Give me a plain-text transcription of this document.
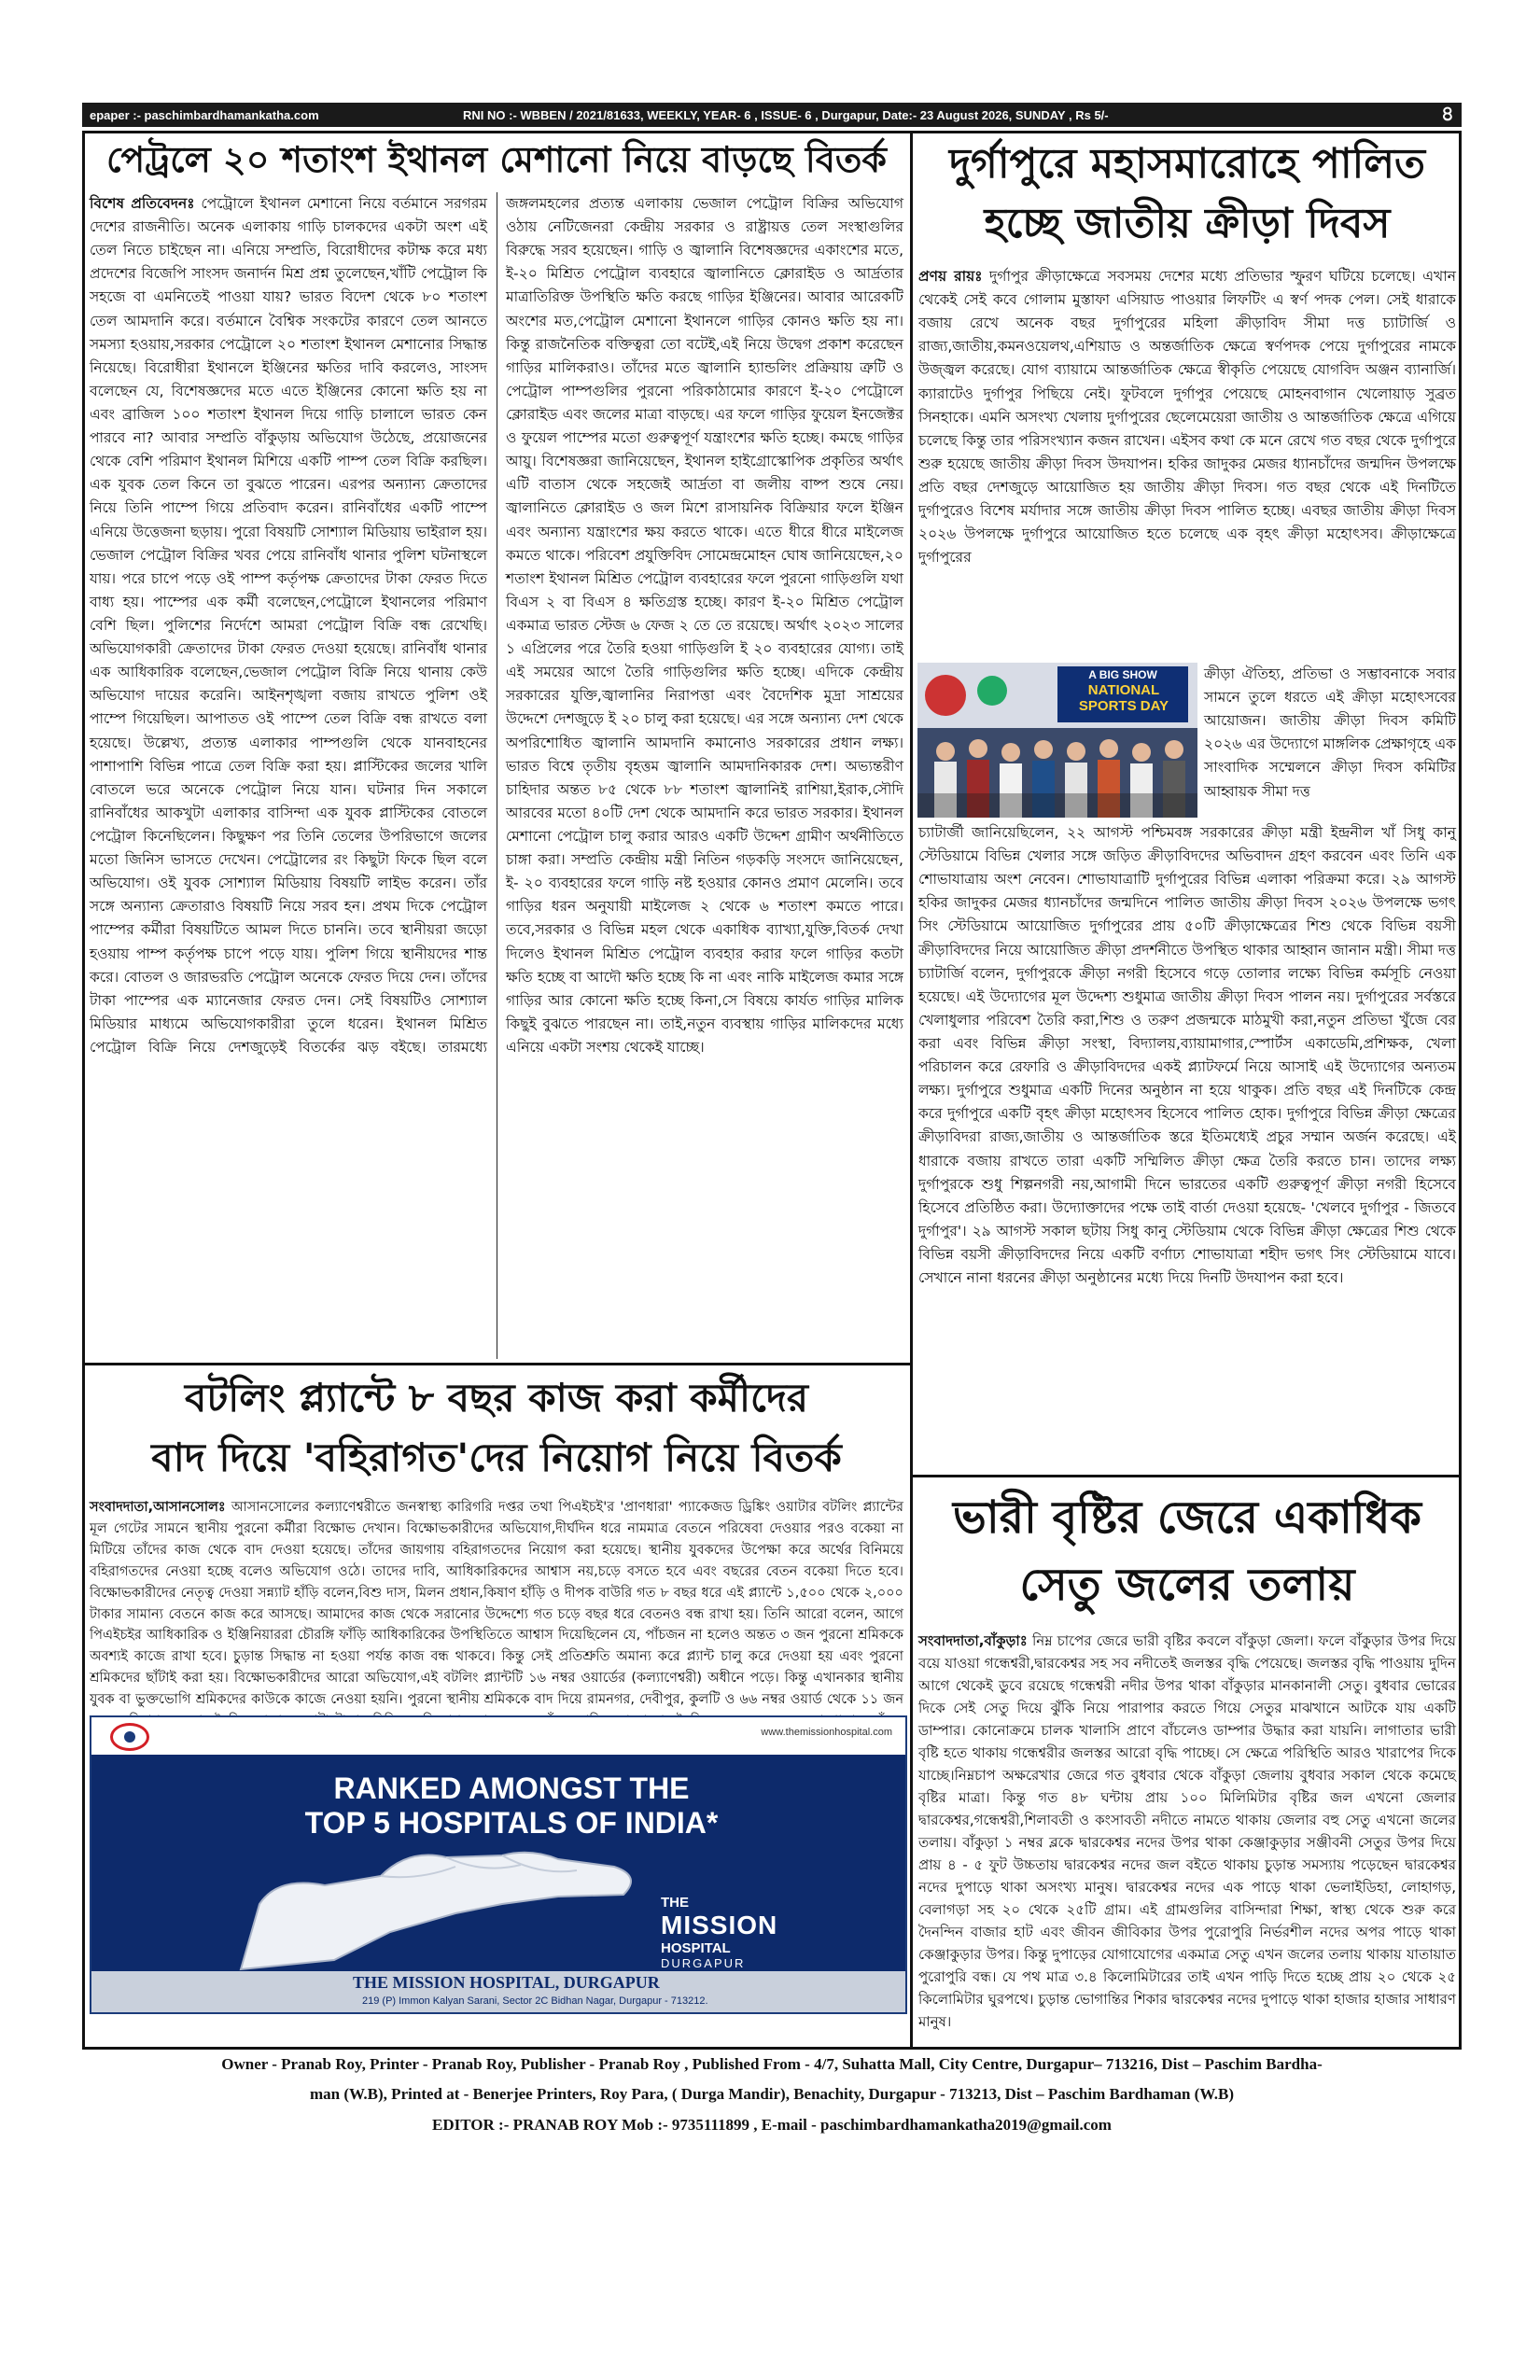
epaper :- paschimbardhamankatha.com	RNI NO :- WBBEN / 2021/81633, WEEKLY, YEAR- 6 , ISSUE- 6 , Durgapur, Date:- 23 August 2026, SUNDAY , Rs 5/-	৪
পেট্রলে ২০ শতাংশ ইথানল মেশানো নিয়ে বাড়ছে বিতর্ক
বিশেষ প্রতিবেদনঃ পেট্রোলে ইথানল মেশানো নিয়ে বর্তমানে সরগরম দেশের রাজনীতি। অনেক এলাকায় গাড়ি চালকদের একটা অংশ এই তেল নিতে চাইছেন না। এনিয়ে সম্প্রতি, বিরোধীদের কটাক্ষ করে মধ্য প্রদেশের বিজেপি সাংসদ জনার্দন মিশ্র প্রশ্ন তুলেছেন,খাঁটি পেট্রোল কি সহজে বা এমনিতেই পাওয়া যায়? ভারত বিদেশ থেকে ৮০ শতাংশ তেল আমদানি করে। বর্তমানে বৈশ্বিক সংকটের কারণে তেল আনতে সমস্যা হওয়ায়,সরকার পেট্রোলে ২০ শতাংশ ইথানল মেশানোর সিদ্ধান্ত নিয়েছে। বিরোধীরা ইথানলে ইঞ্জিনের ক্ষতির দাবি করলেও, সাংসদ বলেছেন যে, বিশেষজ্ঞদের মতে এতে ইঞ্জিনের কোনো ক্ষতি হয় না এবং ব্রাজিল ১০০ শতাংশ ইথানল দিয়ে গাড়ি চালালে ভারত কেন পারবে না? আবার সম্প্রতি বাঁকুড়ায় অভিযোগ উঠেছে, প্রয়োজনের থেকে বেশি পরিমাণ ইথানল মিশিয়ে একটি পাম্প তেল বিক্রি করছিল। এক যুবক তেল কিনে তা বুঝতে পারেন। এরপর অন্যান্য ক্রেতাদের নিয়ে তিনি পাম্পে গিয়ে প্রতিবাদ করেন। রানিবাঁধের একটি পাম্পে এনিয়ে উত্তেজনা ছড়ায়। পুরো বিষয়টি সোশ্যাল মিডিয়ায় ভাইরাল হয়। ভেজাল পেট্রোল বিক্রির খবর পেয়ে রানিবাঁধ থানার পুলিশ ঘটনাস্থলে যায়। পরে চাপে পড়ে ওই পাম্প কর্তৃপক্ষ ক্রেতাদের টাকা ফেরত দিতে বাধ্য হয়। পাম্পের এক কর্মী বলেছেন,পেট্রোলে ইথানলের পরিমাণ বেশি ছিল। পুলিশের নির্দেশে আমরা পেট্রোল বিক্রি বন্ধ রেখেছি। অভিযোগকারী ক্রেতাদের টাকা ফেরত দেওয়া হয়েছে। রানিবাঁধ থানার এক আধিকারিক বলেছেন,ভেজাল পেট্রোল বিক্রি নিয়ে থানায় কেউ অভিযোগ দায়ের করেনি। আইনশৃঙ্খলা বজায় রাখতে পুলিশ ওই পাম্পে গিয়েছিল। আপাতত ওই পাম্পে তেল বিক্রি বন্ধ রাখতে বলা হয়েছে। উল্লেখ্য, প্রত্যন্ত এলাকার পাম্পগুলি থেকে যানবাহনের পাশাপাশি বিভিন্ন পাত্রে তেল বিক্রি করা হয়। প্লাস্টিকের জলের খালি বোতলে ভরে অনেকে পেট্রোল নিয়ে যান। ঘটনার দিন সকালে রানিবাঁধের আকখুটা এলাকার বাসিন্দা এক যুবক প্লাস্টিকের বোতলে পেট্রোল কিনেছিলেন। কিছুক্ষণ পর তিনি তেলের উপরিভাগে জলের মতো জিনিস ভাসতে দেখেন। পেট্রোলের রং কিছুটা ফিকে ছিল বলে অভিযোগ। ওই যুবক সোশ্যাল মিডিয়ায় বিষয়টি লাইভ করেন। তাঁর সঙ্গে অন্যান্য ক্রেতারাও বিষয়টি নিয়ে সরব হন। প্রথম দিকে পেট্রোল পাম্পের কর্মীরা বিষয়টিতে আমল দিতে চাননি। তবে স্থানীয়রা জড়ো হওয়ায় পাম্প কর্তৃপক্ষ চাপে পড়ে যায়। পুলিশ গিয়ে স্থানীয়দের শান্ত করে। বোতল ও জারভরতি পেট্রোল অনেকে ফেরত দিয়ে দেন। তাঁদের টাকা পাম্পের এক ম্যানেজার ফেরত দেন। সেই বিষয়টিও সোশ্যাল মিডিয়ার মাধ্যমে অভিযোগকারীরা তুলে ধরেন। ইথানল মিশ্রিত পেট্রোল বিক্রি নিয়ে দেশজুড়েই বিতর্কের ঝড় বইছে। তারমধ্যে জঙ্গলমহলের প্রত্যন্ত এলাকায় ভেজাল পেট্রোল বিক্রির অভিযোগ ওঠায় নেটিজেনরা কেন্দ্রীয় সরকার ও রাষ্ট্রায়ত্ত তেল সংস্থাগুলির বিরুদ্ধে সরব হয়েছেন। গাড়ি ও জ্বালানি বিশেষজ্ঞদের একাংশের মতে, ই-২০ মিশ্রিত পেট্রোল ব্যবহারে জ্বালানিতে ক্লোরাইড ও আর্দ্রতার মাত্রাতিরিক্ত উপস্থিতি ক্ষতি করছে গাড়ির ইঞ্জিনের। আবার আরেকটি অংশের মত,পেট্রোল মেশানো ইথানলে গাড়ির কোনও ক্ষতি হয় না। কিন্তু রাজনৈতিক বক্তিত্বরা তো বটেই,এই নিয়ে উদ্বেগ প্রকাশ করেছেন গাড়ির মালিকরাও। তাঁদের মতে জ্বালানি হ্যান্ডলিং প্রক্রিয়ায় ত্রুটি ও পেট্রোল পাম্পগুলির পুরনো পরিকাঠামোর কারণে ই-২০ পেট্রোলে ক্লোরাইড এবং জলের মাত্রা বাড়ছে। এর ফলে গাড়ির ফুয়েল ইনজেক্টর ও ফুয়েল পাম্পের মতো গুরুত্বপূর্ণ যন্ত্রাংশের ক্ষতি হচ্ছে। কমছে গাড়ির আয়ু। বিশেষজ্ঞরা জানিয়েছেন, ইথানল হাইগ্রোস্কোপিক প্রকৃতির অর্থাৎ এটি বাতাস থেকে সহজেই আর্দ্রতা বা জলীয় বাষ্প শুষে নেয়। জ্বালানিতে ক্লোরাইড ও জল মিশে রাসায়নিক বিক্রিয়ার ফলে ইঞ্জিন এবং অন্যান্য যন্ত্রাংশের ক্ষয় করতে থাকে। এতে ধীরে ধীরে মাইলেজ কমতে থাকে। পরিবেশ প্রযুক্তিবিদ সোমেন্দ্রমোহন ঘোষ জানিয়েছেন,২০ শতাংশ ইথানল মিশ্রিত পেট্রোল ব্যবহারের ফলে পুরনো গাড়িগুলি যথা বিএস ২ বা বিএস ৪ ক্ষতিগ্রস্ত হচ্ছে। কারণ ই-২০ মিশ্রিত পেট্রোল একমাত্র ভারত স্টেজ ৬ ফেজ ২ তে তে রয়েছে। অর্থাৎ ২০২৩ সালের ১ এপ্রিলের পরে তৈরি হওয়া গাড়িগুলি ই ২০ ব্যবহারের যোগ্য। তাই এই সময়ের আগে তৈরি গাড়িগুলির ক্ষতি হচ্ছে। এদিকে কেন্দ্রীয় সরকারের যুক্তি,জ্বালানির নিরাপত্তা এবং বৈদেশিক মুদ্রা সাশ্রয়ের উদ্দেশে দেশজুড়ে ই ২০ চালু করা হয়েছে। এর সঙ্গে অন্যান্য দেশ থেকে অপরিশোধিত জ্বালানি আমদানি কমানোও সরকারের প্রধান লক্ষ্য। ভারত বিশ্বে তৃতীয় বৃহত্তম জ্বালানি আমদানিকারক দেশ। অভ্যন্তরীণ চাহিদার অন্তত ৮৫ থেকে ৮৮ শতাংশ জ্বালানিই রাশিয়া,ইরাক,সৌদি আরবের মতো ৪০টি দেশ থেকে আমদানি করে ভারত সরকার। ইথানল মেশানো পেট্রোল চালু করার আরও একটি উদ্দেশ গ্রামীণ অর্থনীতিতে চাঙ্গা করা। সম্প্রতি কেন্দ্রীয় মন্ত্রী নিতিন গড়কড়ি সংসদে জানিয়েছেন, ই- ২০ ব্যবহারের ফলে গাড়ি নষ্ট হওয়ার কোনও প্রমাণ মেলেনি। তবে গাড়ির ধরন অনুযায়ী মাইলেজ ২ থেকে ৬ শতাংশ কমতে পারে। তবে,সরকার ও বিভিন্ন মহল থেকে একাধিক ব্যাখ্যা,যুক্তি,বিতর্ক দেখা দিলেও ইথানল মিশ্রিত পেট্রোল ব্যবহার করার ফলে গাড়ির কতটা ক্ষতি হচ্ছে বা আদৌ ক্ষতি হচ্ছে কি না এবং নাকি মাইলেজ কমার সঙ্গে গাড়ির আর কোনো ক্ষতি হচ্ছে কিনা,সে বিষয়ে কার্যত গাড়ির মালিক কিছুই বুঝতে পারছেন না। তাই,নতুন ব্যবস্থায় গাড়ির মালিকদের মধ্যে এনিয়ে একটা সংশয় থেকেই যাচ্ছে।
দুর্গাপুরে মহাসমারোহে পালিত
হচ্ছে জাতীয় ক্রীড়া দিবস
প্রণয় রায়ঃ দুর্গাপুর ক্রীড়াক্ষেত্রে সবসময় দেশের মধ্যে প্রতিভার স্ফুরণ ঘটিয়ে চলেছে। এখান থেকেই সেই কবে গোলাম মুস্তাফা এসিয়াড পাওয়ার লিফটিং এ স্বর্ণ পদক পেল। সেই ধারাকে বজায় রেখে অনেক বছর দুর্গাপুরের মহিলা ক্রীড়াবিদ সীমা দত্ত চ্যাটার্জি ও রাজ্য,জাতীয়,কমনওয়েলথ,এশিয়াড ও অন্তর্জাতিক ক্ষেত্রে স্বর্ণপদক পেয়ে দুর্গাপুরের নামকে উজ্জ্বল করেছে। যোগ ব্যায়ামে আন্তর্জাতিক ক্ষেত্রে স্বীকৃতি পেয়েছে যোগবিদ অঞ্জন ব্যানার্জি। ক্যারাটেও দুর্গাপুর পিছিয়ে নেই। ফুটবলে দুর্গাপুর পেয়েছে মোহনবাগান খেলোয়াড় সুব্রত সিনহাকে। এমনি অসংখ্য খেলায় দুর্গাপুরের ছেলেমেয়েরা জাতীয় ও আন্তর্জাতিক ক্ষেত্রে এগিয়ে চলেছে কিন্তু তার পরিসংখ্যান কজন রাখেন। এইসব কথা কে মনে রেখে গত বছর থেকে দুর্গাপুরে শুরু হয়েছে জাতীয় ক্রীড়া দিবস উদযাপন। হকির জাদুকর মেজর ধ্যানচাঁদের জন্মদিন উপলক্ষে প্রতি বছর দেশজুড়ে আয়োজিত হয় জাতীয় ক্রীড়া দিবস। গত বছর থেকে এই দিনটিতে দুর্গাপুরেও বিশেষ মর্যাদার সঙ্গে জাতীয় ক্রীড়া দিবস পালিত হচ্ছে। এবছর জাতীয় ক্রীড়া দিবস ২০২৬ উপলক্ষে দুর্গাপুরে আয়োজিত হতে চলেছে এক বৃহৎ ক্রীড়া মহোৎসব। ক্রীড়াক্ষেত্রে দুর্গাপুরের
A BIG SHOW
NATIONAL SPORTS DAY
ক্রীড়া ঐতিহ্য, প্রতিভা ও সম্ভাবনাকে সবার সামনে তুলে ধরতে এই ক্রীড়া মহোৎসবের আয়োজন। জাতীয় ক্রীড়া দিবস কমিটি ২০২৬ এর উদ্যোগে মাঙ্গলিক প্রেক্ষাগৃহে এক সাংবাদিক সম্মেলনে ক্রীড়া দিবস কমিটির আহ্বায়ক সীমা দত্ত
চ্যাটার্জী জানিয়েছিলেন, ২২ আগস্ট পশ্চিমবঙ্গ সরকারের ক্রীড়া মন্ত্রী ইন্দ্রনীল খাঁ সিধু কানু স্টেডিয়ামে বিভিন্ন খেলার সঙ্গে জড়িত ক্রীড়াবিদদের অভিবাদন গ্রহণ করবেন এবং তিনি এক শোভাযাত্রায় অংশ নেবেন। শোভাযাত্রাটি দুর্গাপুরের বিভিন্ন এলাকা পরিক্রমা করে। ২৯ আগস্ট হকির জাদুকর মেজর ধ্যানচাঁদের জন্মদিনে পালিত জাতীয় ক্রীড়া দিবস ২০২৬ উপলক্ষে ভগৎ সিং স্টেডিয়ামে আয়োজিত দুর্গাপুরের প্রায় ৫০টি ক্রীড়াক্ষেত্রের শিশু থেকে বিভিন্ন বয়সী ক্রীড়াবিদদের নিয়ে আয়োজিত ক্রীড়া প্রদর্শনীতে উপস্থিত থাকার আহ্বান জানান মন্ত্রী। সীমা দত্ত চ্যাটার্জি বলেন, দুর্গাপুরকে ক্রীড়া নগরী হিসেবে গড়ে তোলার লক্ষ্যে বিভিন্ন কর্মসূচি নেওয়া হয়েছে। এই উদ্যোগের মূল উদ্দেশ্য শুধুমাত্র জাতীয় ক্রীড়া দিবস পালন নয়। দুর্গাপুরের সর্বস্তরে খেলাধুলার পরিবেশ তৈরি করা,শিশু ও তরুণ প্রজন্মকে মাঠমুখী করা,নতুন প্রতিভা খুঁজে বের করা এবং বিভিন্ন ক্রীড়া সংস্থা, বিদ্যালয়,ব্যায়ামাগার,স্পোর্টস একাডেমি,প্রশিক্ষক, খেলা পরিচালন করে রেফারি ও ক্রীড়াবিদদের একই প্ল্যাটফর্মে নিয়ে আসাই এই উদ্যোগের অন্যতম লক্ষ্য। দুর্গাপুরে শুধুমাত্র একটি দিনের অনুষ্ঠান না হয়ে থাকুক। প্রতি বছর এই দিনটিকে কেন্দ্র করে দুর্গাপুরে একটি বৃহৎ ক্রীড়া মহোৎসব হিসেবে পালিত হোক। দুর্গাপুরে বিভিন্ন ক্রীড়া ক্ষেত্রের ক্রীড়াবিদরা রাজ্য,জাতীয় ও আন্তর্জাতিক স্তরে ইতিমধ্যেই প্রচুর সম্মান অর্জন করেছে। এই ধারাকে বজায় রাখতে তারা একটি সম্মিলিত ক্রীড়া ক্ষেত্র তৈরি করতে চান। তাদের লক্ষ্য দুর্গাপুরকে শুধু শিল্পনগরী নয়,আগামী দিনে ভারতের একটি গুরুত্বপূর্ণ ক্রীড়া নগরী হিসেবে হিসেবে প্রতিষ্ঠিত করা। উদ্যোক্তাদের পক্ষে তাই বার্তা দেওয়া হয়েছে- 'খেলবে দুর্গাপুর - জিতবে দুর্গাপুর'। ২৯ আগস্ট সকাল ছটায় সিধু কানু স্টেডিয়াম থেকে বিভিন্ন ক্রীড়া ক্ষেত্রের শিশু থেকে বিভিন্ন বয়সী ক্রীড়াবিদদের নিয়ে একটি বর্ণাঢ্য শোভাযাত্রা শহীদ ভগৎ সিং স্টেডিয়ামে যাবে। সেখানে নানা ধরনের ক্রীড়া অনুষ্ঠানের মধ্যে দিয়ে দিনটি উদযাপন করা হবে।
বটলিং প্ল্যান্টে ৮ বছর কাজ করা কর্মীদের
বাদ দিয়ে 'বহিরাগত'দের নিয়োগ নিয়ে বিতর্ক
সংবাদদাতা,আসানসোলঃ আসানসোলের কল্যাণেশ্বরীতে জনস্বাস্থ্য কারিগরি দপ্তর তথা পিএইচই'র 'প্রাণধারা' প্যাকেজড ড্রিঙ্কিং ওয়াটার বটলিং প্ল্যান্টের মূল গেটের সামনে স্থানীয় পুরনো কর্মীরা বিক্ষোভ দেখান। বিক্ষোভকারীদের অভিযোগ,দীর্ঘদিন ধরে নামমাত্র বেতনে পরিষেবা দেওয়ার পরও বকেয়া না মিটিয়ে তাঁদের কাজ থেকে বাদ দেওয়া হয়েছে। তাঁদের জায়গায় বহিরাগতদের নিয়োগ করা হয়েছে। স্থানীয় যুবকদের উপেক্ষা করে অর্থের বিনিময়ে বহিরাগতদের নেওয়া হচ্ছে বলেও অভিযোগ ওঠে। তাদের দাবি, আধিকারিকদের আশ্বাস নয়,চড়ে বসতে হবে এবং বছরের বেতন বকেয়া দিতে হবে। বিক্ষোভকারীদের নেতৃত্ব দেওয়া সন্ন্যাট হাঁড়ি বলেন,বিশু দাস, মিলন প্রধান,কিষাণ হাঁড়ি ও দীপক বাউরি গত ৮ বছর ধরে এই প্ল্যান্টে ১,৫০০ থেকে ২,০০০ টাকার সামান্য বেতনে কাজ করে আসছে। আমাদের কাজ থেকে সরানোর উদ্দেশ্যে গত চড়ে বছর ধরে বেতনও বন্ধ রাখা হয়। তিনি আরো বলেন, আগে পিএইচইর আধিকারিক ও ইঞ্জিনিয়াররা চৌরঙ্গি ফাঁড়ি আধিকারিকের উপস্থিতিতে আশ্বাস দিয়েছিলেন যে, পাঁচজন না হলেও অন্তত ৩ জন পুরনো শ্রমিককে অবশ্যই কাজে রাখা হবে। চুড়ান্ত সিদ্ধান্ত না হওয়া পর্যন্ত কাজ বন্ধ থাকবে। কিন্তু সেই প্রতিশ্রুতি অমান্য করে প্ল্যান্ট চালু করে দেওয়া হয় এবং পুরনো শ্রমিকদের ছাঁটাই করা হয়। বিক্ষোভকারীদের আরো অভিযোগ,এই বটলিং প্ল্যান্টটি ১৬ নম্বর ওয়ার্ডের (কল্যাণেশ্বরী) অধীনে পড়ে। কিন্তু এখানকার স্থানীয় যুবক বা ভুক্তভোগি শ্রমিকদের কাউকে কাজে নেওয়া হয়নি। পুরনো স্থানীয় শ্রমিককে বাদ দিয়ে রামনগর, দেবীপুর, কুলটি ও ৬৬ নম্বর ওয়ার্ড থেকে ১১ জন
www.themissionhospital.com
RANKED AMONGST THE
TOP 5 HOSPITALS OF INDIA*
THE
MISSION
HOSPITAL
DURGAPUR
THE MISSION HOSPITAL, DURGAPUR
219 (P) Immon Kalyan Sarani, Sector 2C Bidhan Nagar, Durgapur - 713212.
ভারী বৃষ্টির জেরে একাধিক
সেতু জলের তলায়
সংবাদদাতা,বাঁকুড়াঃ নিম্ন চাপের জেরে ভারী বৃষ্টির কবলে বাঁকুড়া জেলা। ফলে বাঁকুড়ার উপর দিয়ে বয়ে যাওয়া গন্ধেশ্বরী,দ্বারকেশ্বর সহ সব নদীতেই জলস্তর বৃদ্ধি পেয়েছে। জলস্তর বৃদ্ধি পাওয়ায় দুদিন আগে থেকেই ডুবে রয়েছে গন্ধেশ্বরী নদীর উপর থাকা বাঁকুড়ার মানকানালী সেতু। বুধবার ভোরের দিকে সেই সেতু দিয়ে ঝুঁকি নিয়ে পারাপার করতে গিয়ে সেতুর মাঝখানে আটকে যায় একটি ডাম্পার। কোনোক্রমে চালক খালাসি প্রাণে বাঁচলেও ডাম্পার উদ্ধার করা যায়নি। লাগাতার ভারী বৃষ্টি হতে থাকায় গন্ধেশ্বরীর জলস্তর আরো বৃদ্ধি পাচ্ছে। সে ক্ষেত্রে পরিস্থিতি আরও খারাপের দিকে যাচ্ছে।নিম্নচাপ অক্ষরেখার জেরে গত বুধবার থেকে বাঁকুড়া জেলায় বুধবার সকাল থেকে কমেছে বৃষ্টির মাত্রা। কিন্তু গত ৪৮ ঘন্টায় প্রায় ১০০ মিলিমিটার বৃষ্টির জল এখনো জেলার দ্বারকেশ্বর,গন্ধেশ্বরী,শিলাবতী ও কংসাবতী নদীতে নামতে থাকায় জেলার বহু সেতু এখনো জলের তলায়। বাঁকুড়া ১ নম্বর ব্লকে দ্বারকেশ্বর নদের উপর থাকা কেঞ্জাকুড়ার সঞ্জীবনী সেতুর উপর দিয়ে প্রায় ৪ - ৫ ফুট উচ্চতায় দ্বারকেশ্বর নদের জল বইতে থাকায় চুড়ান্ত সমস্যায় পড়েছেন দ্বারকেশ্বর নদের দুপাড়ে থাকা অসংখ্য মানুষ। দ্বারকেশ্বর নদের এক পাড়ে থাকা ভেলাইডিহা, লোহাগড়, বেলাগড়া সহ ২০ থেকে ২৫টি গ্রাম। এই গ্রামগুলির বাসিন্দারা শিক্ষা, স্বাস্থ্য থেকে শুরু করে দৈনন্দিন বাজার হাট এবং জীবন জীবিকার উপর পুরোপুরি নির্ভরশীল নদের অপর পাড়ে থাকা কেঞ্জাকুড়ার উপর। কিন্তু দুপাড়ের যোগাযোগের একমাত্র সেতু এখন জলের তলায় থাকায় যাতায়াত পুরোপুরি বন্ধ। যে পথ মাত্র ৩.৪ কিলোমিটারের তাই এখন পাড়ি দিতে হচ্ছে প্রায় ২০ থেকে ২৫ কিলোমিটার ঘুরপথে। চুড়ান্ত ভোগান্তির শিকার দ্বারকেশ্বর নদের দুপাড়ে থাকা হাজার হাজার সাধারণ মানুষ।
Owner - Pranab Roy, Printer - Pranab Roy, Publisher - Pranab Roy , Published From - 4/7, Suhatta Mall, City Centre, Durgapur– 713216, Dist – Paschim Bardha-
man (W.B), Printed at - Benerjee Printers, Roy Para, ( Durga Mandir), Benachity, Durgapur - 713213, Dist – Paschim Bardhaman (W.B)
EDITOR :- PRANAB ROY Mob :- 9735111899 , E-mail - paschimbardhamankatha2019@gmail.com
